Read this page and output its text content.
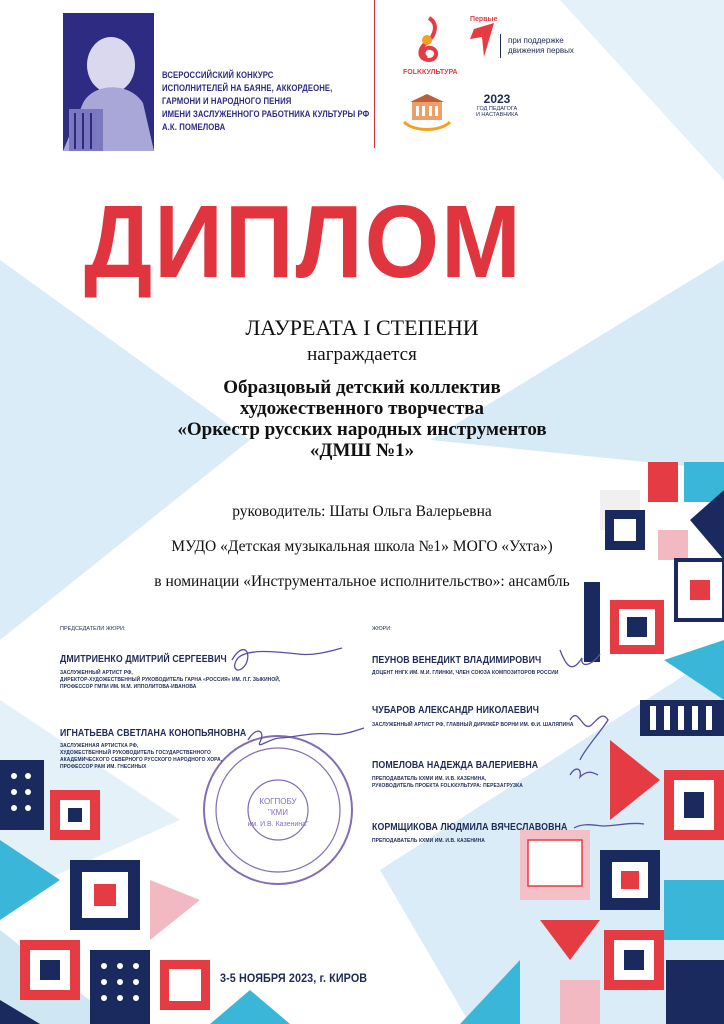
КОГПОБУ
"КМИ
им. И.В. Казенина"
ВСЕРОССИЙСКИЙ КОНКУРС
ИСПОЛНИТЕЛЕЙ НА БАЯНЕ, АККОРДЕОНЕ,
ГАРМОНИ И НАРОДНОГО ПЕНИЯ
ИМЕНИ ЗАСЛУЖЕННОГО РАБОТНИКА КУЛЬТУРЫ РФ
А.К. ПОМЕЛОВА
FOLKКУЛЬТУРА
Первые
при поддержке
движения первых
2023
ГОД ПЕДАГОГА
И НАСТАВНИКА
ДИПЛОМ
ЛАУРЕАТА I СТЕПЕНИ
награждается
Образцовый детский коллектив
художественного творчества
«Оркестр русских народных инструментов
«ДМШ №1»
руководитель: Шаты Ольга Валерьевна
МУДО «Детская музыкальная школа №1» МОГО «Ухта»)
в номинации «Инструментальное исполнительство»: ансамбль
ПРЕДСЕДАТЕЛИ ЖЮРИ:
ДМИТРИЕНКО ДМИТРИЙ СЕРГЕЕВИЧ
ЗАСЛУЖЕННЫЙ АРТИСТ РФ,
ДИРЕКТОР-ХУДОЖЕСТВЕННЫЙ РУКОВОДИТЕЛЬ ГАРНА «РОССИЯ» ИМ. Л.Г. ЗЫКИНОЙ,
ПРОФЕССОР ГМПИ ИМ. М.М. ИППОЛИТОВА-ИВАНОВА
ИГНАТЬЕВА СВЕТЛАНА КОНОПЬЯНОВНА
ЗАСЛУЖЕННАЯ АРТИСТКА РФ,
ХУДОЖЕСТВЕННЫЙ РУКОВОДИТЕЛЬ ГОСУДАРСТВЕННОГО
АКАДЕМИЧЕСКОГО СЕВЕРНОГО РУССКОГО НАРОДНОГО ХОРА,
ПРОФЕССОР РАМ ИМ. ГНЕСИНЫХ
ЖЮРИ:
ПЕУНОВ ВЕНЕДИКТ ВЛАДИМИРОВИЧ
ДОЦЕНТ ННГК ИМ. М.И. ГЛИНКИ, ЧЛЕН СОЮЗА КОМПОЗИТОРОВ РОССИИ
ЧУБАРОВ АЛЕКСАНДР НИКОЛАЕВИЧ
ЗАСЛУЖЕННЫЙ АРТИСТ РФ, ГЛАВНЫЙ ДИРИЖЁР ВОРНИ ИМ. Ф.И. ШАЛЯПИНА
ПОМЕЛОВА НАДЕЖДА ВАЛЕРИЕВНА
ПРЕПОДАВАТЕЛЬ КХМИ ИМ. И.В. КАЗЕНИНА,
РУКОВОДИТЕЛЬ ПРОЕКТА FOLKКУЛЬТУРА: ПЕРЕЗАГРУЗКА
КОРМЩИКОВА ЛЮДМИЛА ВЯЧЕСЛАВОВНА
ПРЕПОДАВАТЕЛЬ КХМИ ИМ. И.В. КАЗЕНИНА
3-5 НОЯБРЯ 2023, г. КИРОВ
